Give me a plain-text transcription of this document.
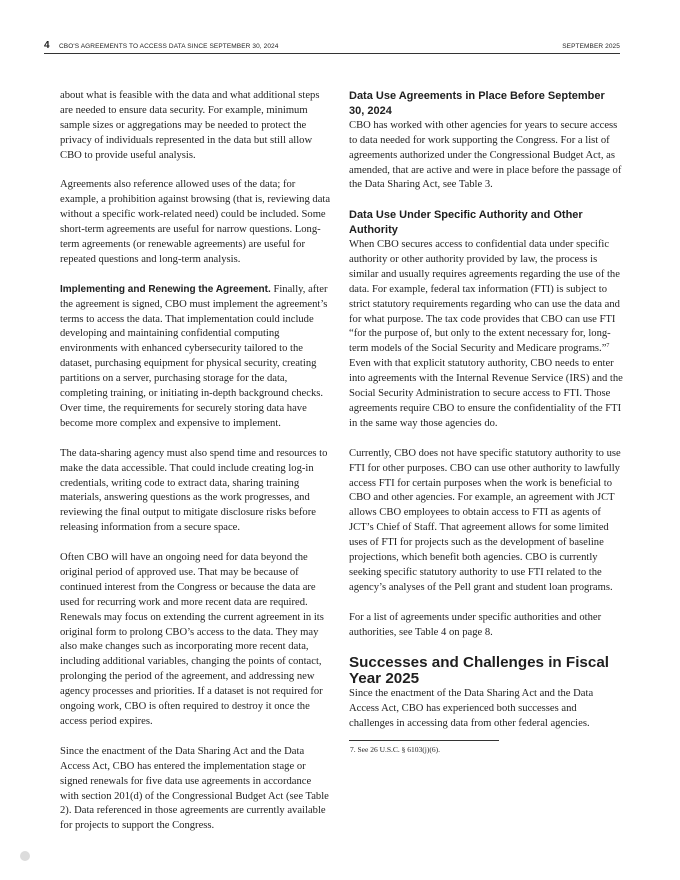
4 CBO'S AGREEMENTS TO ACCESS DATA SINCE SEPTEMBER 30, 2024	SEPTEMBER 2025

about what is feasible with the data and what additional steps are needed to ensure data security. For example, minimum sample sizes or aggregations may be needed to protect the privacy of individuals represented in the data but still allow CBO to provide useful analysis.

Agreements also reference allowed uses of the data; for example, a prohibition against browsing (that is, reviewing data without a specific work-related need) could be included. Some short-term agreements are useful for narrow questions. Long-term agreements (or renewable agreements) are useful for repeated questions and long-term analysis.

Implementing and Renewing the Agreement. Finally, after the agreement is signed, CBO must implement the agreement’s terms to access the data. That implementation could include developing and maintaining confidential computing environments with enhanced cybersecurity tailored to the dataset, purchasing equipment for physical security, creating partitions on a server, purchasing storage for the data, completing training, or initiating in-depth background checks. Over time, the requirements for securely storing data have become more complex and expensive to implement.

The data-sharing agency must also spend time and resources to make the data accessible. That could include creating log-in credentials, writing code to extract data, sharing training materials, answering questions as the work progresses, and reviewing the final output to mitigate disclosure risks before releasing information from a secure space.

Often CBO will have an ongoing need for data beyond the original period of approved use. That may be because of continued interest from the Congress or because the data are used for recurring work and more recent data are required. Renewals may focus on extending the current agreement in its original form to prolong CBO’s access to the data. They may also make changes such as incorporating more recent data, including additional variables, changing the points of contact, prolonging the period of the agreement, and addressing new agency processes and priorities. If a dataset is not required for ongoing work, CBO is often required to destroy it once the access period expires.

Since the enactment of the Data Sharing Act and the Data Access Act, CBO has entered the implementation stage or signed renewals for five data use agreements in accordance with section 201(d) of the Congressional Budget Act (see Table 2). Data referenced in those agreements are currently available for projects to support the Congress.

Data Use Agreements in Place Before September 30, 2024

CBO has worked with other agencies for years to secure access to data needed for work supporting the Congress. For a list of agreements authorized under the Congressional Budget Act, as amended, that are active and were in place before the passage of the Data Sharing Act, see Table 3.

Data Use Under Specific Authority and Other Authority

When CBO secures access to confidential data under specific authority or other authority provided by law, the process is similar and usually requires agreements regarding the use of the data. For example, federal tax information (FTI) is subject to strict statutory requirements regarding who can use the data and for what purpose. The tax code provides that CBO can use FTI “for the purpose of, but only to the extent necessary for, long-term models of the Social Security and Medicare programs.”$^7$ Even with that explicit statutory authority, CBO needs to enter into agreements with the Internal Revenue Service (IRS) and the Social Security Administration to secure access to FTI. Those agreements require CBO to ensure the confidentiality of the FTI in the same way those agencies do.

Currently, CBO does not have specific statutory authority to use FTI for other purposes. CBO can use other authority to lawfully access FTI for certain purposes when the work is beneficial to CBO and other agencies. For example, an agreement with JCT allows CBO employees to obtain access to FTI as agents of JCT’s Chief of Staff. That agreement allows for some limited uses of FTI for projects such as the development of baseline projections, which benefit both agencies. CBO is currently seeking specific statutory authority to use FTI related to the agency’s analyses of the Pell grant and student loan programs.

For a list of agreements under specific authorities and other authorities, see Table 4 on page 8.

Successes and Challenges in Fiscal Year 2025

Since the enactment of the Data Sharing Act and the Data Access Act, CBO has experienced both successes and challenges in accessing data from other federal agencies.

7. See 26 U.S.C. § 6103(j)(6).
